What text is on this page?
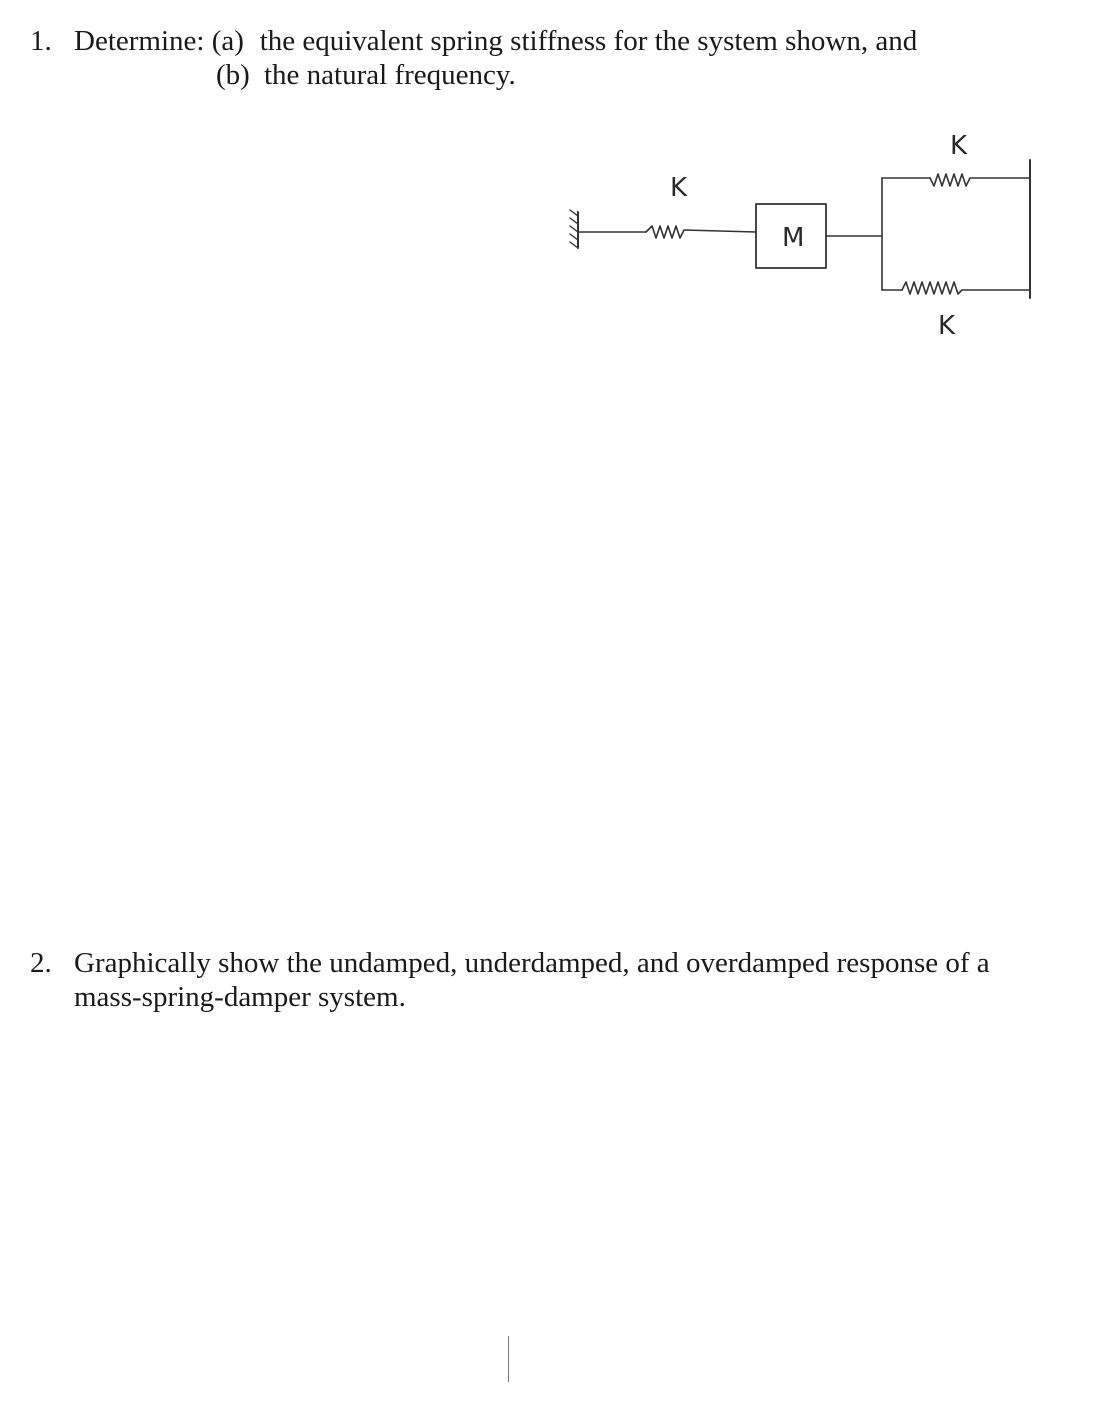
1. Determine:
(a) the equivalent spring stiffness for the system shown, and
(b) the natural frequency.
K
M
K
K
2. Graphically show the undamped, underdamped, and overdamped response of a
mass-spring-damper system.
